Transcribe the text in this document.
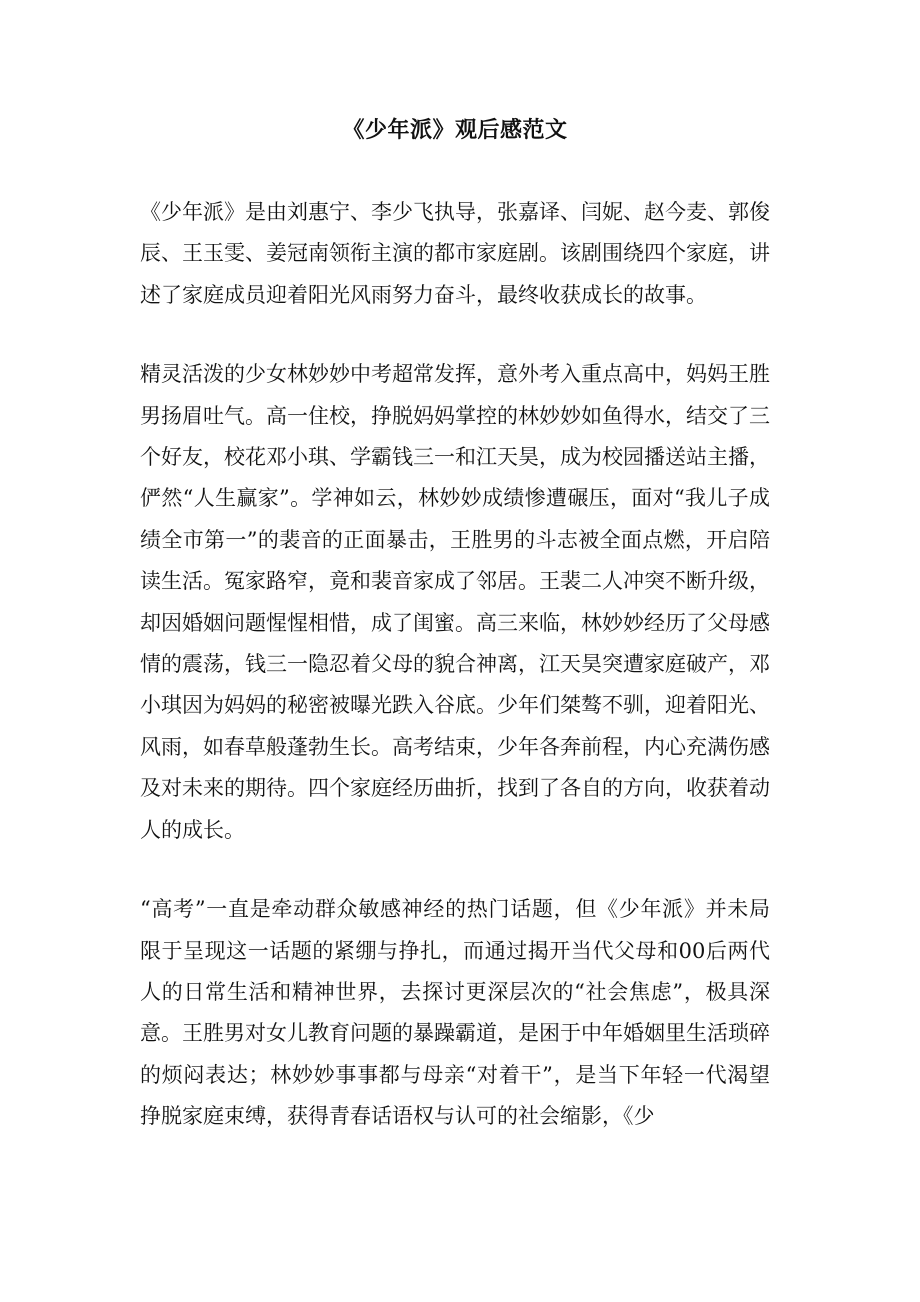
《少年派》观后感范文

《少年派》是由刘惠宁、李少飞执导，张嘉译、闫妮、赵今麦、郭俊辰、王玉雯、姜冠南领衔主演的都市家庭剧。该剧围绕四个家庭，讲述了家庭成员迎着阳光风雨努力奋斗，最终收获成长的故事。

精灵活泼的少女林妙妙中考超常发挥，意外考入重点高中，妈妈王胜男扬眉吐气。高一住校，挣脱妈妈掌控的林妙妙如鱼得水，结交了三个好友，校花邓小琪、学霸钱三一和江天昊，成为校园播送站主播，俨然“人生赢家”。学神如云，林妙妙成绩惨遭碾压，面对“我儿子成绩全市第一”的裴音的正面暴击，王胜男的斗志被全面点燃，开启陪读生活。冤家路窄，竟和裴音家成了邻居。王裴二人冲突不断升级，却因婚姻问题惺惺相惜，成了闺蜜。高三来临，林妙妙经历了父母感情的震荡，钱三一隐忍着父母的貌合神离，江天昊突遭家庭破产，邓小琪因为妈妈的秘密被曝光跌入谷底。少年们桀骜不驯，迎着阳光、风雨，如春草般蓬勃生长。高考结束，少年各奔前程，内心充满伤感及对未来的期待。四个家庭经历曲折，找到了各自的方向，收获着动人的成长。

“高考”一直是牵动群众敏感神经的热门话题，但《少年派》并未局限于呈现这一话题的紧绷与挣扎，而通过揭开当代父母和00后两代人的日常生活和精神世界，去探讨更深层次的“社会焦虑”，极具深意。王胜男对女儿教育问题的暴躁霸道，是困于中年婚姻里生活琐碎的烦闷表达；林妙妙事事都与母亲“对着干”，是当下年轻一代渴望挣脱家庭束缚，获得青春话语权与认可的社会缩影，《少
